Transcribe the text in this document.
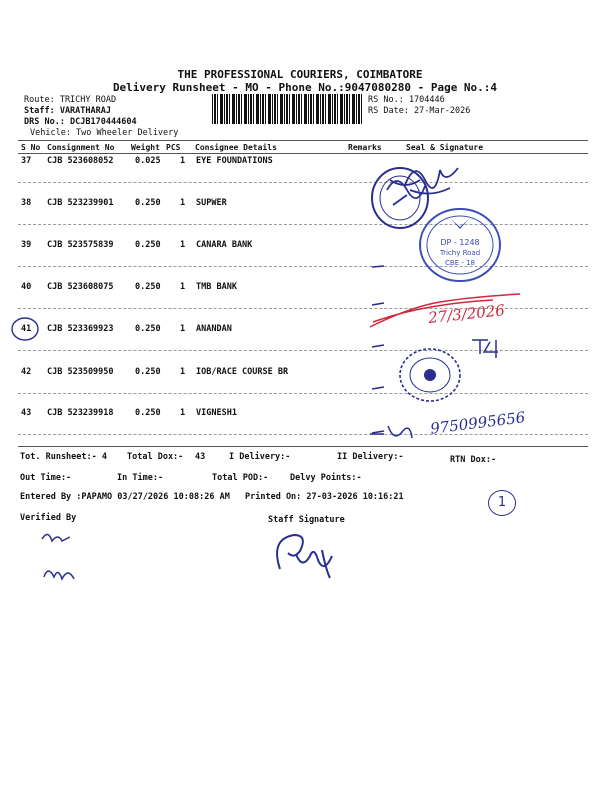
THE PROFESSIONAL COURIERS, COIMBATORE
Delivery Runsheet - MO - Phone No.:9047080280 - Page No.:4
Route: TRICHY ROAD
Staff: VARATHARAJ
DRS No.: DCJB170444604
Vehicle: Two Wheeler Delivery
RS No.: 1704446
RS Date: 27-Mar-2026
S No Consignment No Weight PCS Consignee Details	Remarks	Seal & Signature
37 CJB 523608052	0.025 1 EYE FOUNDATIONS
38 CJB 523239901	0.250 1 SUPWER
39 CJB 523575839	0.250 1 CANARA BANK
40 CJB 523608075	0.250 1 TMB BANK
41 CJB 523369923	0.250 1 ANANDAN
42 CJB 523509950	0.250 1 IOB/RACE COURSE BR
43 CJB 523239918	0.250 1 VIGNESH1
Tot. Runsheet:- 4 Total Dox:- 43	I Delivery:-	II Delivery:-	RTN Dox:-
Out Time:-	In Time:-	Total POD:-	Delvy Points:-
Entered By :PAPAMO 03/27/2026 10:08:26 AM Printed On: 27-03-2026 10:16:21
Verified By	Staff Signature
DP - 1248
Trichy Road
CBE - 18
27/3/2026
9750995656
1
